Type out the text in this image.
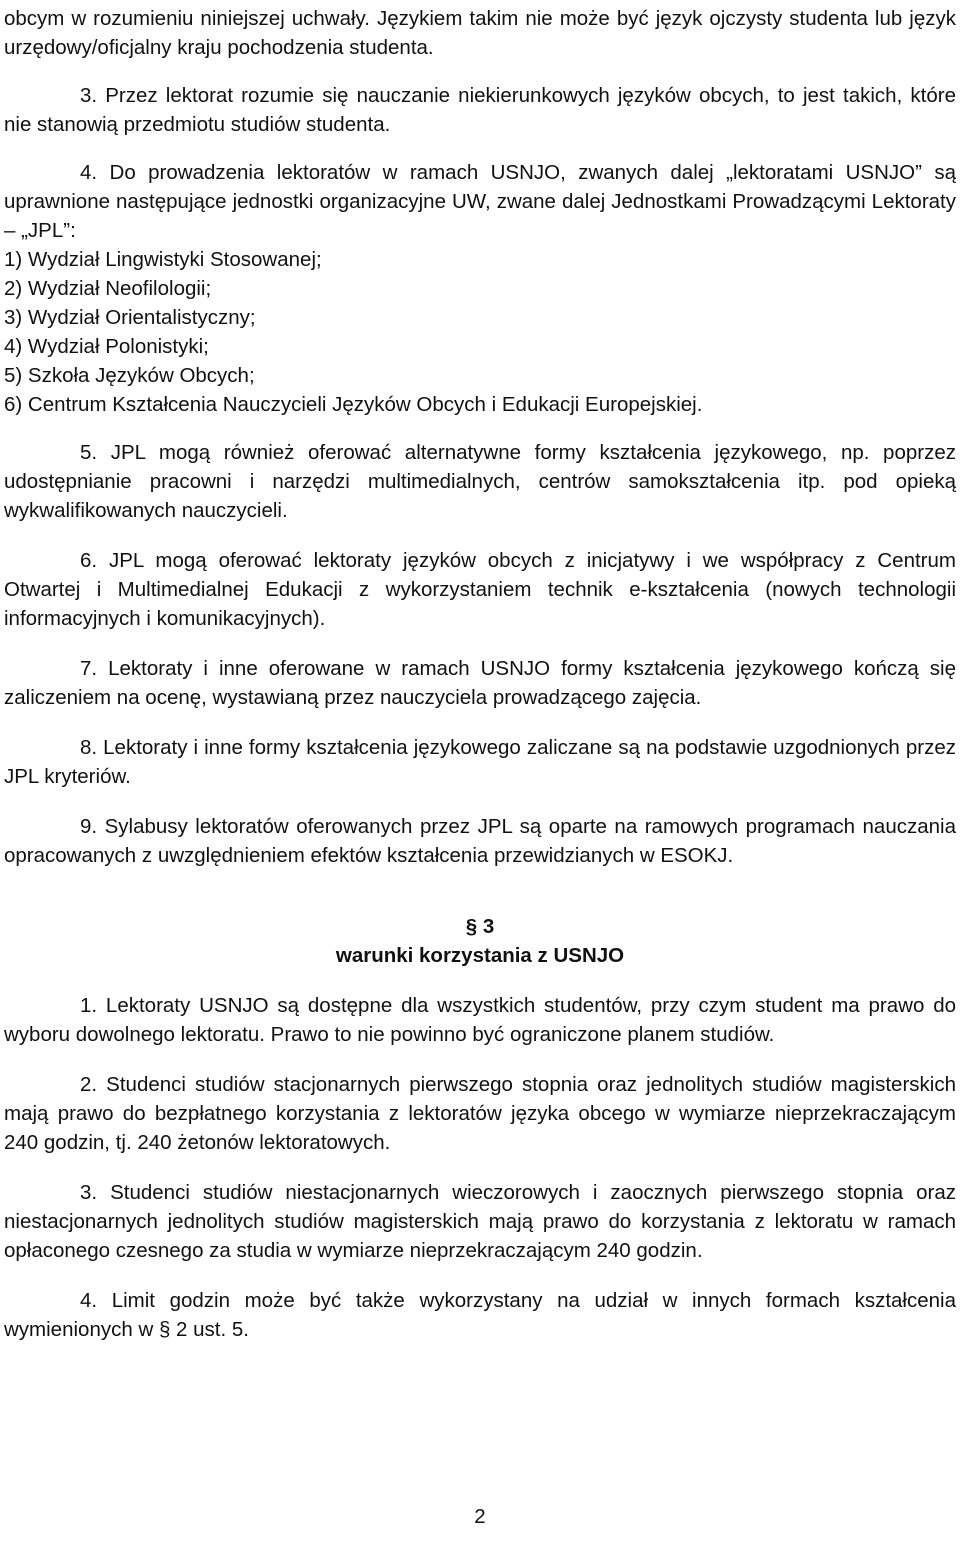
obcym w rozumieniu niniejszej uchwały. Językiem takim nie może być język ojczysty studenta lub język urzędowy/oficjalny kraju pochodzenia studenta.

3. Przez lektorat rozumie się nauczanie niekierunkowych języków obcych, to jest takich, które nie stanowią przedmiotu studiów studenta.

4. Do prowadzenia lektoratów w ramach USNJO, zwanych dalej „lektoratami USNJO” są uprawnione następujące jednostki organizacyjne UW, zwane dalej Jednostkami Prowadzącymi Lektoraty – „JPL”:

1) Wydział Lingwistyki Stosowanej;
2) Wydział Neofilologii;
3) Wydział Orientalistyczny;
4) Wydział Polonistyki;
5) Szkoła Języków Obcych;
6) Centrum Kształcenia Nauczycieli Języków Obcych i Edukacji Europejskiej.

5. JPL mogą również oferować alternatywne formy kształcenia językowego, np. poprzez udostępnianie pracowni i narzędzi multimedialnych, centrów samokształcenia itp. pod opieką wykwalifikowanych nauczycieli.

6. JPL mogą oferować lektoraty języków obcych z inicjatywy i we współpracy z Centrum Otwartej i Multimedialnej Edukacji z wykorzystaniem technik e-kształcenia (nowych technologii informacyjnych i komunikacyjnych).

7. Lektoraty i inne oferowane w ramach USNJO formy kształcenia językowego kończą się zaliczeniem na ocenę, wystawianą przez nauczyciela prowadzącego zajęcia.

8. Lektoraty i inne formy kształcenia językowego zaliczane są na podstawie uzgodnionych przez JPL kryteriów.

9. Sylabusy lektoratów oferowanych przez JPL są oparte na ramowych programach nauczania opracowanych z uwzględnieniem efektów kształcenia przewidzianych w ESOKJ.

§ 3
warunki korzystania z USNJO

1. Lektoraty USNJO są dostępne dla wszystkich studentów, przy czym student ma prawo do wyboru dowolnego lektoratu. Prawo to nie powinno być ograniczone planem studiów.

2. Studenci studiów stacjonarnych pierwszego stopnia oraz jednolitych studiów magisterskich mają prawo do bezpłatnego korzystania z lektoratów języka obcego w wymiarze nieprzekraczającym 240 godzin, tj. 240 żetonów lektoratowych.

3. Studenci studiów niestacjonarnych wieczorowych i zaocznych pierwszego stopnia oraz niestacjonarnych jednolitych studiów magisterskich mają prawo do korzystania z lektoratu w ramach opłaconego czesnego za studia w wymiarze nieprzekraczającym 240 godzin.

4. Limit godzin może być także wykorzystany na udział w innych formach kształcenia wymienionych w § 2 ust. 5.

2
